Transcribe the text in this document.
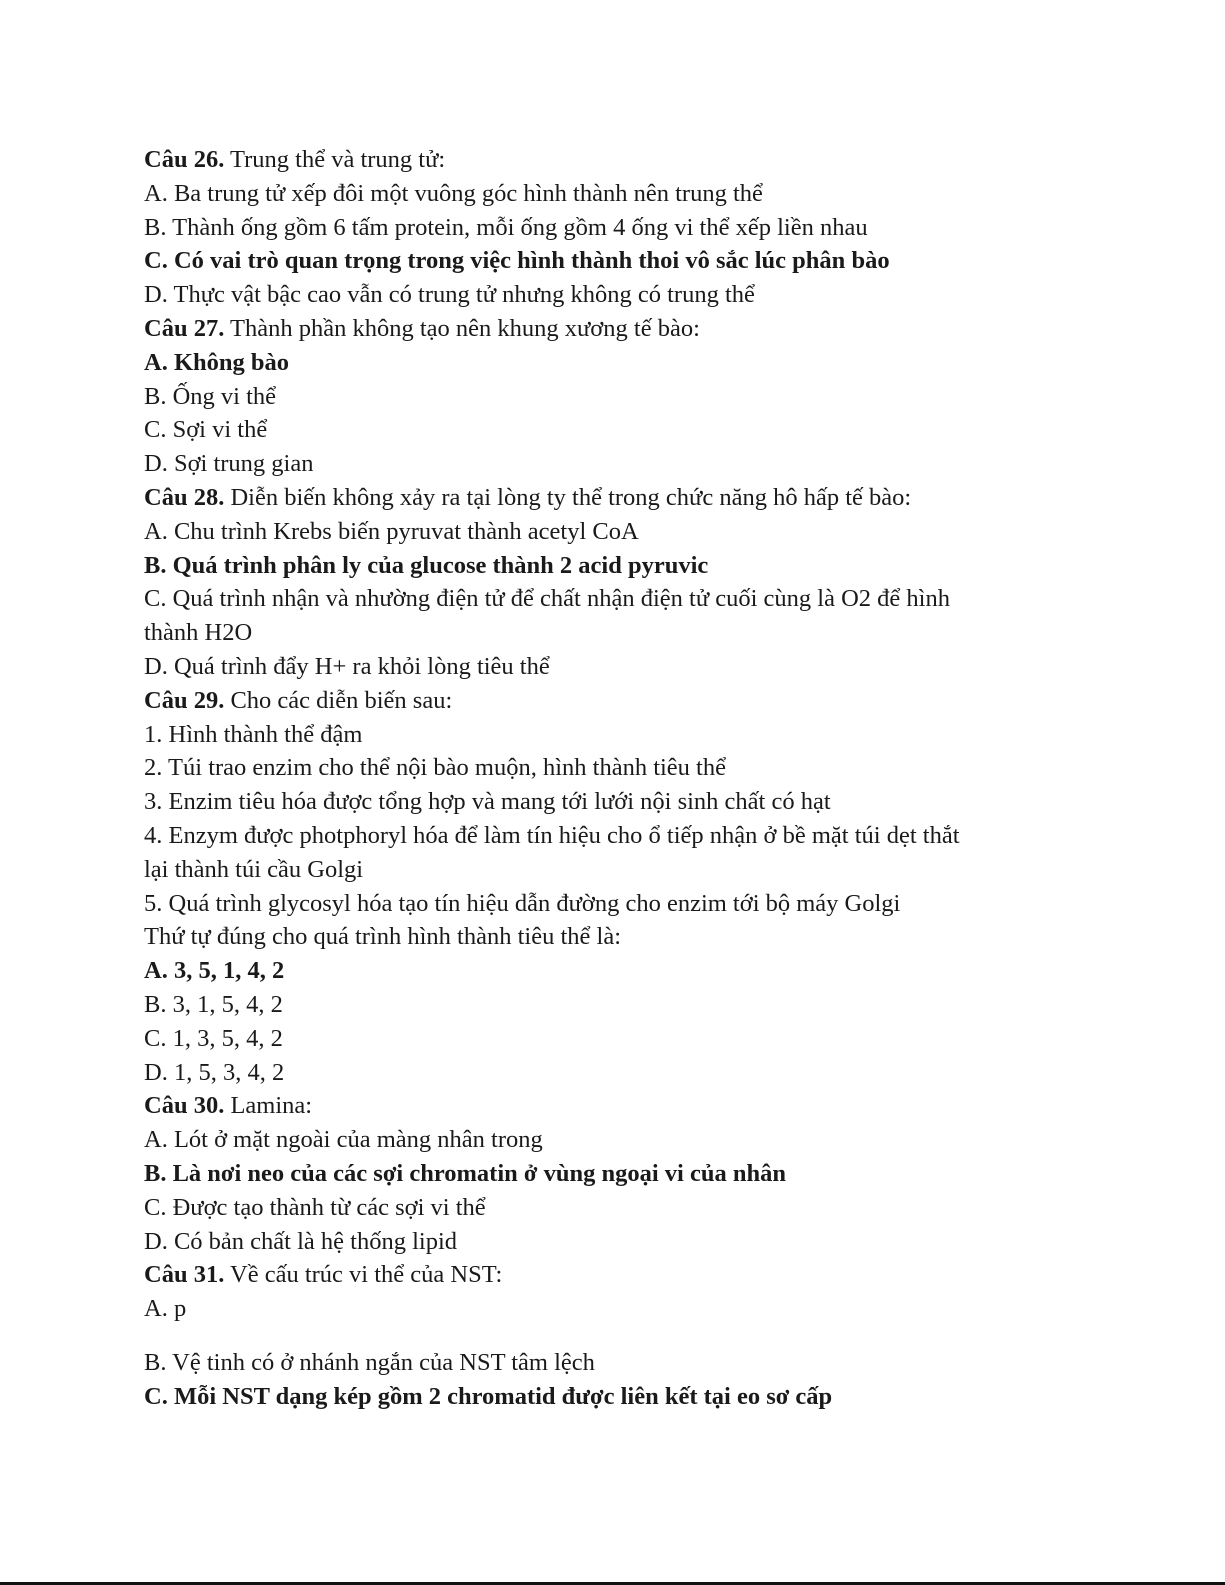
Câu 26. Trung thể và trung tử:
A. Ba trung tử xếp đôi một vuông góc hình thành nên trung thể
B. Thành ống gồm 6 tấm protein, mỗi ống gồm 4 ống vi thể xếp liền nhau
C. Có vai trò quan trọng trong việc hình thành thoi vô sắc lúc phân bào
D. Thực vật bậc cao vẫn có trung tử nhưng không có trung thể
Câu 27. Thành phần không tạo nên khung xương tế bào:
A. Không bào
B. Ống vi thể
C. Sợi vi thể
D. Sợi trung gian
Câu 28. Diễn biến không xảy ra tại lòng ty thể trong chức năng hô hấp tế bào:
A. Chu trình Krebs biến pyruvat thành acetyl CoA
B. Quá trình phân ly của glucose thành 2 acid pyruvic
C. Quá trình nhận và nhường điện tử để chất nhận điện tử cuối cùng là O2 để hình
thành H2O
D. Quá trình đẩy H+ ra khỏi lòng tiêu thể
Câu 29. Cho các diễn biến sau:
1. Hình thành thể đậm
2. Túi trao enzim cho thể nội bào muộn, hình thành tiêu thể
3. Enzim tiêu hóa được tổng hợp và mang tới lưới nội sinh chất có hạt
4. Enzym được photphoryl hóa để làm tín hiệu cho ổ tiếp nhận ở bề mặt túi dẹt thắt
lại thành túi cầu Golgi
5. Quá trình glycosyl hóa tạo tín hiệu dẫn đường cho enzim tới bộ máy Golgi
Thứ tự đúng cho quá trình hình thành tiêu thể là:
A. 3, 5, 1, 4, 2
B. 3, 1, 5, 4, 2
C. 1, 3, 5, 4, 2
D. 1, 5, 3, 4, 2
Câu 30. Lamina:
A. Lót ở mặt ngoài của màng nhân trong
B. Là nơi neo của các sợi chromatin ở vùng ngoại vi của nhân
C. Được tạo thành từ các sợi vi thể
D. Có bản chất là hệ thống lipid
Câu 31. Về cấu trúc vi thể của NST:
A. p
B. Vệ tinh có ở nhánh ngắn của NST tâm lệch
C. Mỗi NST dạng kép gồm 2 chromatid được liên kết tại eo sơ cấp
